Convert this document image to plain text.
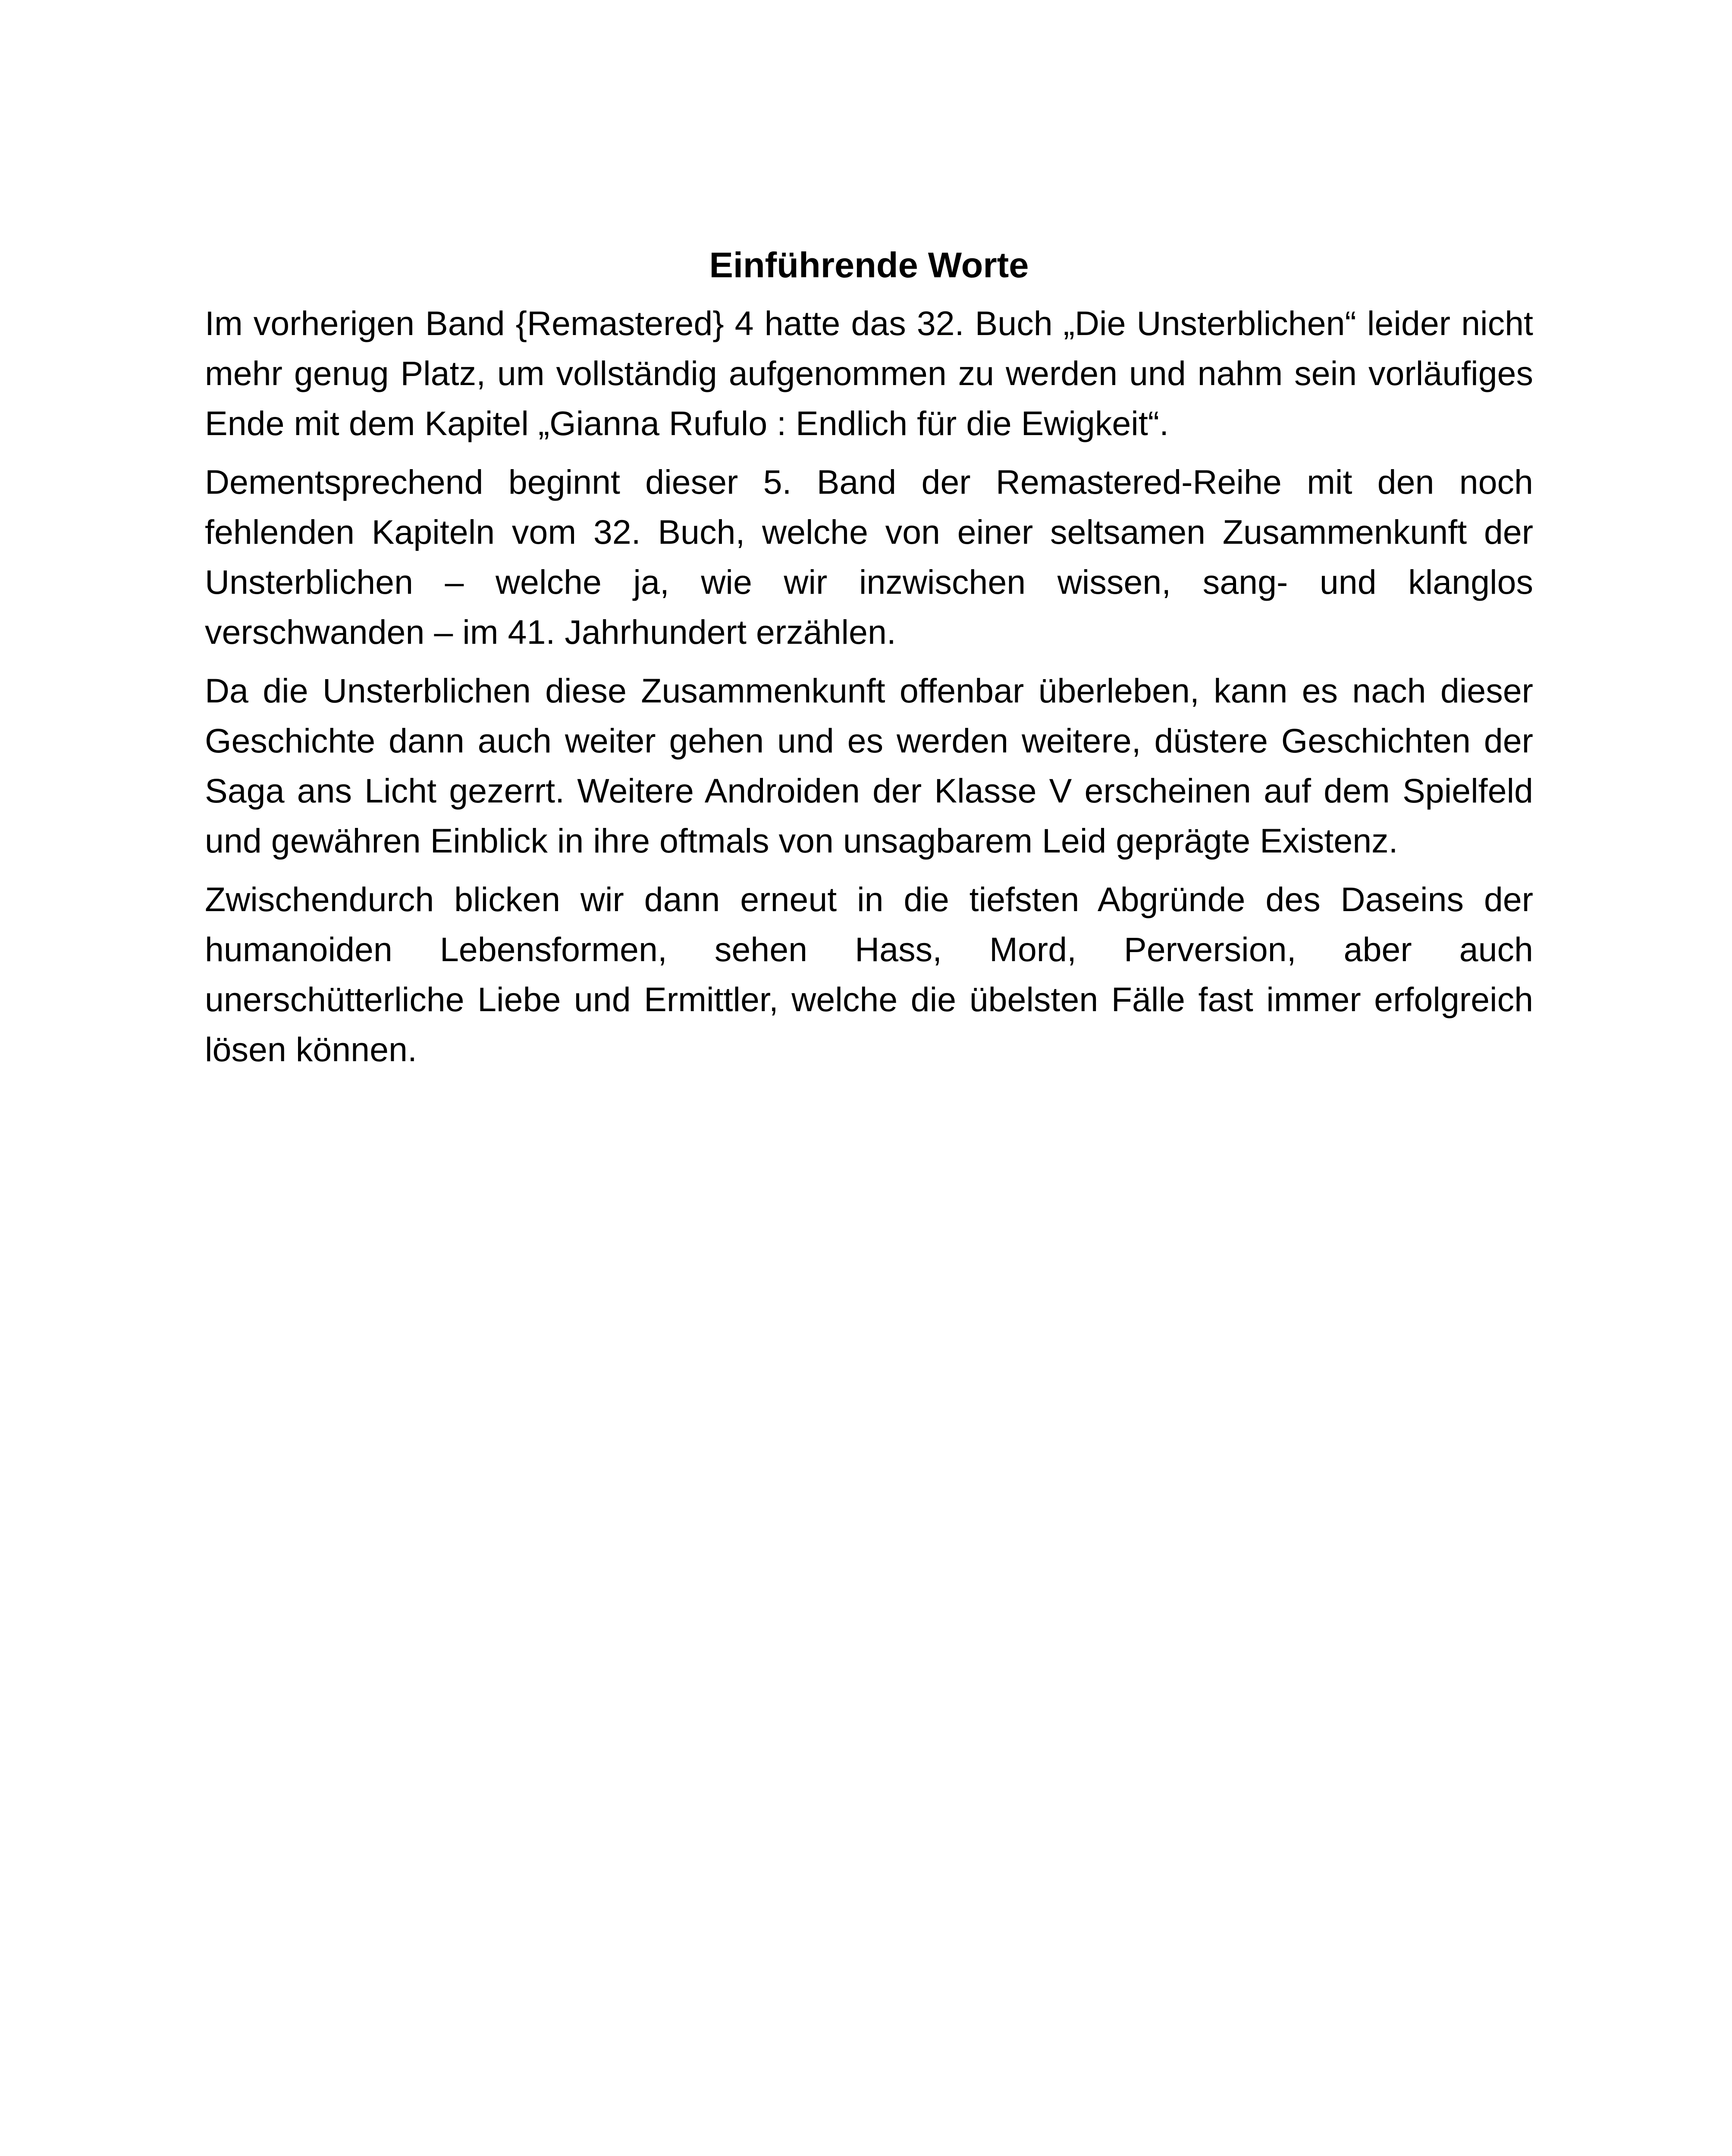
Einführende Worte

Im vorherigen Band {Remastered} 4 hatte das 32. Buch „Die Unsterblichen“ leider nicht mehr genug Platz, um vollständig aufgenommen zu werden und nahm sein vorläufiges Ende mit dem Kapitel „Gianna Rufulo : Endlich für die Ewigkeit“.

Dementsprechend beginnt dieser 5. Band der Remastered-Reihe mit den noch fehlenden Kapiteln vom 32. Buch, welche von einer seltsamen Zusammenkunft der Unsterblichen – welche ja, wie wir inzwischen wissen, sang- und klanglos verschwanden – im 41. Jahrhundert erzählen.

Da die Unsterblichen diese Zusammenkunft offenbar überleben, kann es nach dieser Geschichte dann auch weiter gehen und es werden weitere, düstere Geschichten der Saga ans Licht gezerrt. Weitere Androiden der Klasse V erscheinen auf dem Spielfeld und gewähren Einblick in ihre oftmals von unsagbarem Leid geprägte Existenz.

Zwischendurch blicken wir dann erneut in die tiefsten Abgründe des Daseins der humanoiden Lebensformen, sehen Hass, Mord, Perversion, aber auch unerschütterliche Liebe und Ermittler, welche die übelsten Fälle fast immer erfolgreich lösen können.
